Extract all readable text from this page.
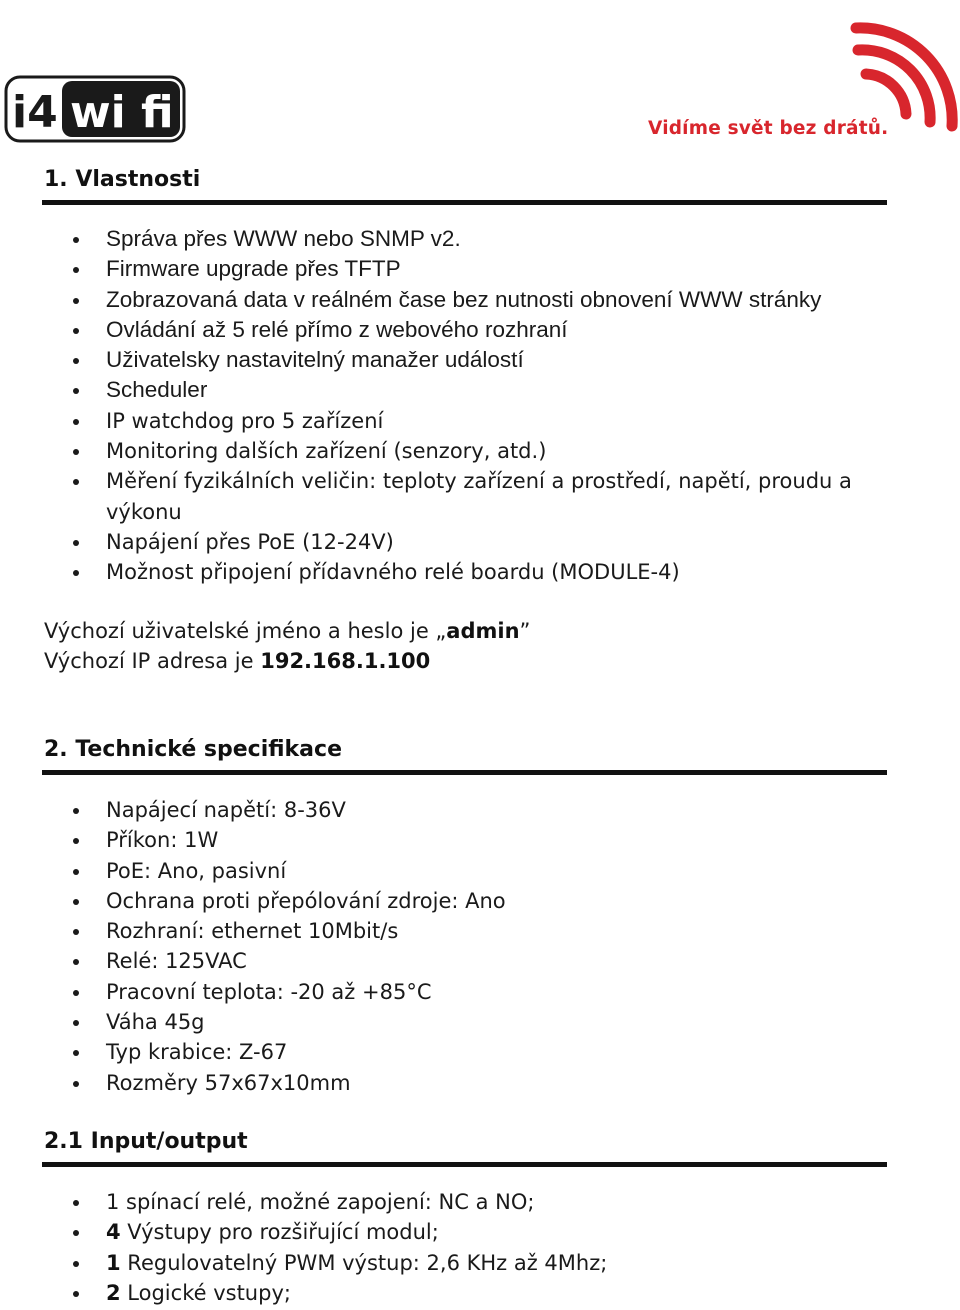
i4 wi fi	Vidíme svět bez drátů.
1. Vlastnosti
Správa přes WWW nebo SNMP v2.
Firmware upgrade přes TFTP
Zobrazovaná data v reálném čase bez nutnosti obnovení WWW stránky
Ovládání až 5 relé přímo z webového rozhraní
Uživatelsky nastavitelný manažer událostí
Scheduler
IP watchdog pro 5 zařízení
Monitoring dalších zařízení (senzory, atd.)
Měření fyzikálních veličin: teploty zařízení a prostředí, napětí, proudu a výkonu
Napájení přes PoE (12-24V)
Možnost připojení přídavného relé boardu (MODULE-4)
Výchozí uživatelské jméno a heslo je „admin”
Výchozí IP adresa je 192.168.1.100
2. Technické specifikace
Napájecí napětí: 8-36V
Příkon: 1W
PoE: Ano, pasivní
Ochrana proti přepólování zdroje: Ano
Rozhraní: ethernet 10Mbit/s
Relé: 125VAC
Pracovní teplota: -20 až +85°C
Váha 45g
Typ krabice: Z-67
Rozměry 57x67x10mm
2.1 Input/output
1 spínací relé, možné zapojení: NC a NO;
4 Výstupy pro rozšiřující modul;
1 Regulovatelný PWM výstup: 2,6 KHz až 4Mhz;
2 Logické vstupy;
